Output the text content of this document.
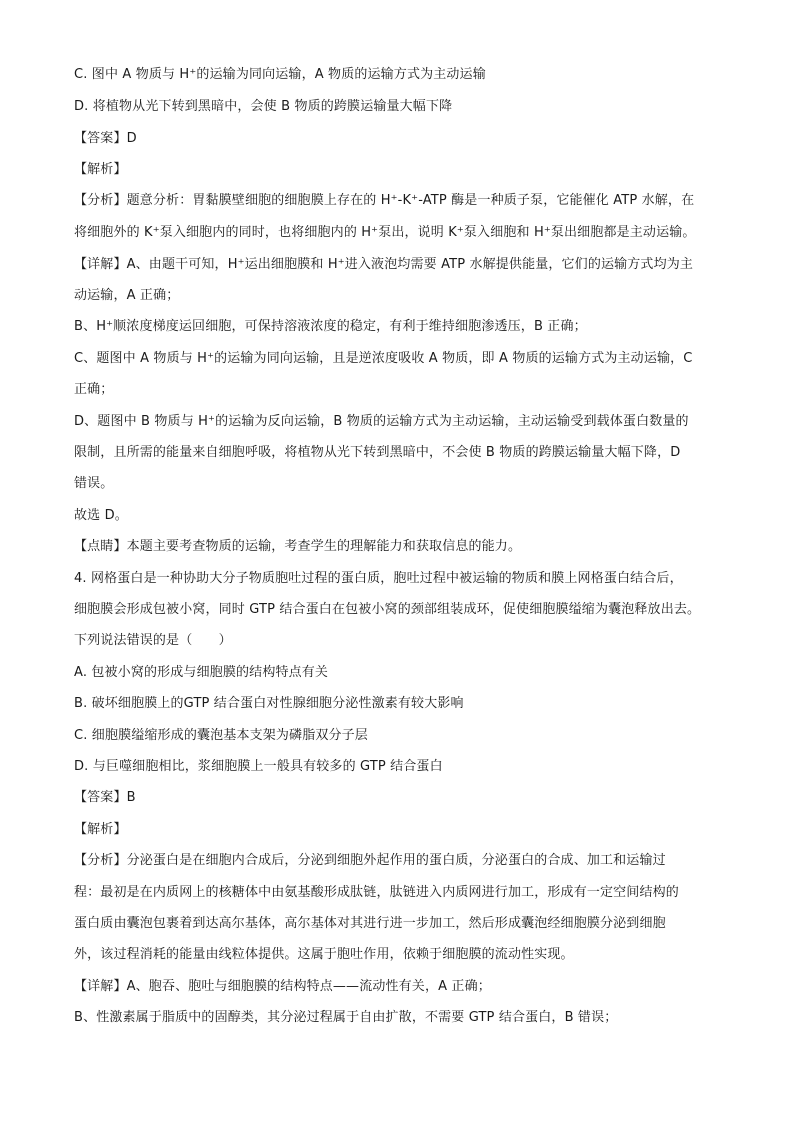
C. 图中 A 物质与 H⁺的运输为同向运输，A 物质的运输方式为主动运输
D. 将植物从光下转到黑暗中，会使 B 物质的跨膜运输量大幅下降
【答案】D
【解析】
【分析】题意分析：胃黏膜壁细胞的细胞膜上存在的 H⁺-K⁺-ATP 酶是一种质子泵，它能催化 ATP 水解，在
将细胞外的 K⁺泵入细胞内的同时，也将细胞内的 H⁺泵出，说明 K⁺泵入细胞和 H⁺泵出细胞都是主动运输。
【详解】A、由题干可知，H⁺运出细胞膜和 H⁺进入液泡均需要 ATP 水解提供能量，它们的运输方式均为主
动运输，A 正确；
B、H⁺顺浓度梯度运回细胞，可保持溶液浓度的稳定，有利于维持细胞渗透压，B 正确；
C、题图中 A 物质与 H⁺的运输为同向运输，且是逆浓度吸收 A 物质，即 A 物质的运输方式为主动运输，C
正确；
D、题图中 B 物质与 H⁺的运输为反向运输，B 物质的运输方式为主动运输，主动运输受到载体蛋白数量的
限制，且所需的能量来自细胞呼吸，将植物从光下转到黑暗中，不会使 B 物质的跨膜运输量大幅下降，D
错误。
故选 D。
【点睛】本题主要考查物质的运输，考查学生的理解能力和获取信息的能力。
4. 网格蛋白是一种协助大分子物质胞吐过程的蛋白质，胞吐过程中被运输的物质和膜上网格蛋白结合后，
细胞膜会形成包被小窝，同时 GTP 结合蛋白在包被小窝的颈部组装成环，促使细胞膜缢缩为囊泡释放出去。
下列说法错误的是（　　）
A. 包被小窝的形成与细胞膜的结构特点有关
B. 破坏细胞膜上的GTP 结合蛋白对性腺细胞分泌性激素有较大影响
C. 细胞膜缢缩形成的囊泡基本支架为磷脂双分子层
D. 与巨噬细胞相比，浆细胞膜上一般具有较多的 GTP 结合蛋白
【答案】B
【解析】
【分析】分泌蛋白是在细胞内合成后，分泌到细胞外起作用的蛋白质，分泌蛋白的合成、加工和运输过
程：最初是在内质网上的核糖体中由氨基酸形成肽链，肽链进入内质网进行加工，形成有一定空间结构的
蛋白质由囊泡包裹着到达高尔基体，高尔基体对其进行进一步加工，然后形成囊泡经细胞膜分泌到细胞
外，该过程消耗的能量由线粒体提供。这属于胞吐作用，依赖于细胞膜的流动性实现。
【详解】A、胞吞、胞吐与细胞膜的结构特点——流动性有关，A 正确；
B、性激素属于脂质中的固醇类，其分泌过程属于自由扩散，不需要 GTP 结合蛋白，B 错误；
